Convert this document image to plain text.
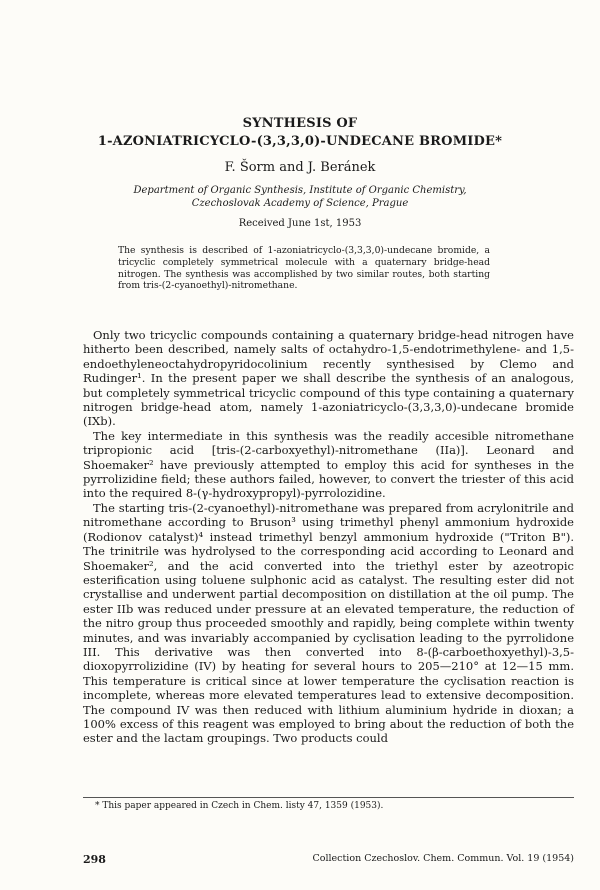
SYNTHESIS OF
1-AZONIATRICYCLO-(3,3,3,0)-UNDECANE BROMIDE*
F. Šorm and J. Beránek
Department of Organic Synthesis, Institute of Organic Chemistry,
Czechoslovak Academy of Science, Prague
Received June 1st, 1953
The synthesis is described of 1-azoniatricyclo-(3,3,3,0)-undecane bromide, a tricyclic completely symmetrical molecule with a quaternary bridge-head nitrogen. The synthesis was accomplished by two similar routes, both starting from tris-(2-cyanoethyl)-nitromethane.

Only two tricyclic compounds containing a quaternary bridge-head nitrogen have hitherto been described, namely salts of octahydro-1,5-endotrimethylene- and 1,5-endoethyleneoctahydropyridocolinium recently synthesised by Clemo and Rudinger¹. In the present paper we shall describe the synthesis of an analogous, but completely symmetrical tricyclic compound of this type containing a quaternary nitrogen bridge-head atom, namely 1-azoniatricyclo-(3,3,3,0)-undecane bromide (IXb).

The key intermediate in this synthesis was the readily accesible nitromethane tripropionic acid [tris-(2-carboxyethyl)-nitromethane (IIa)]. Leonard and Shoemaker² have previously attempted to employ this acid for syntheses in the pyrrolizidine field; these authors failed, however, to convert the triester of this acid into the required 8-(γ-hydroxypropyl)-pyrrolozidine.

The starting tris-(2-cyanoethyl)-nitromethane was prepared from acrylonitrile and nitromethane according to Bruson³ using trimethyl phenyl ammonium hydroxide (Rodionov catalyst)⁴ instead trimethyl benzyl ammonium hydroxide ("Triton B"). The trinitrile was hydrolysed to the corresponding acid according to Leonard and Shoemaker², and the acid converted into the triethyl ester by azeotropic esterification using toluene sulphonic acid as catalyst. The resulting ester did not crystallise and underwent partial decomposition on distillation at the oil pump. The ester IIb was reduced under pressure at an elevated temperature, the reduction of the nitro group thus proceeded smoothly and rapidly, being complete within twenty minutes, and was invariably accompanied by cyclisation leading to the pyrrolidone III. This derivative was then converted into 8-(β-carboethoxyethyl)-3,5-dioxopyrrolizidine (IV) by heating for several hours to 205—210° at 12—15 mm. This temperature is critical since at lower temperature the cyclisation reaction is incomplete, whereas more elevated temperatures lead to extensive decomposition. The compound IV was then reduced with lithium aluminium hydride in dioxan; a 100% excess of this reagent was employed to bring about the reduction of both the ester and the lactam groupings. Two products could

* This paper appeared in Czech in Chem. listy 47, 1359 (1953).
298	Collection Czechoslov. Chem. Commun. Vol. 19 (1954)
